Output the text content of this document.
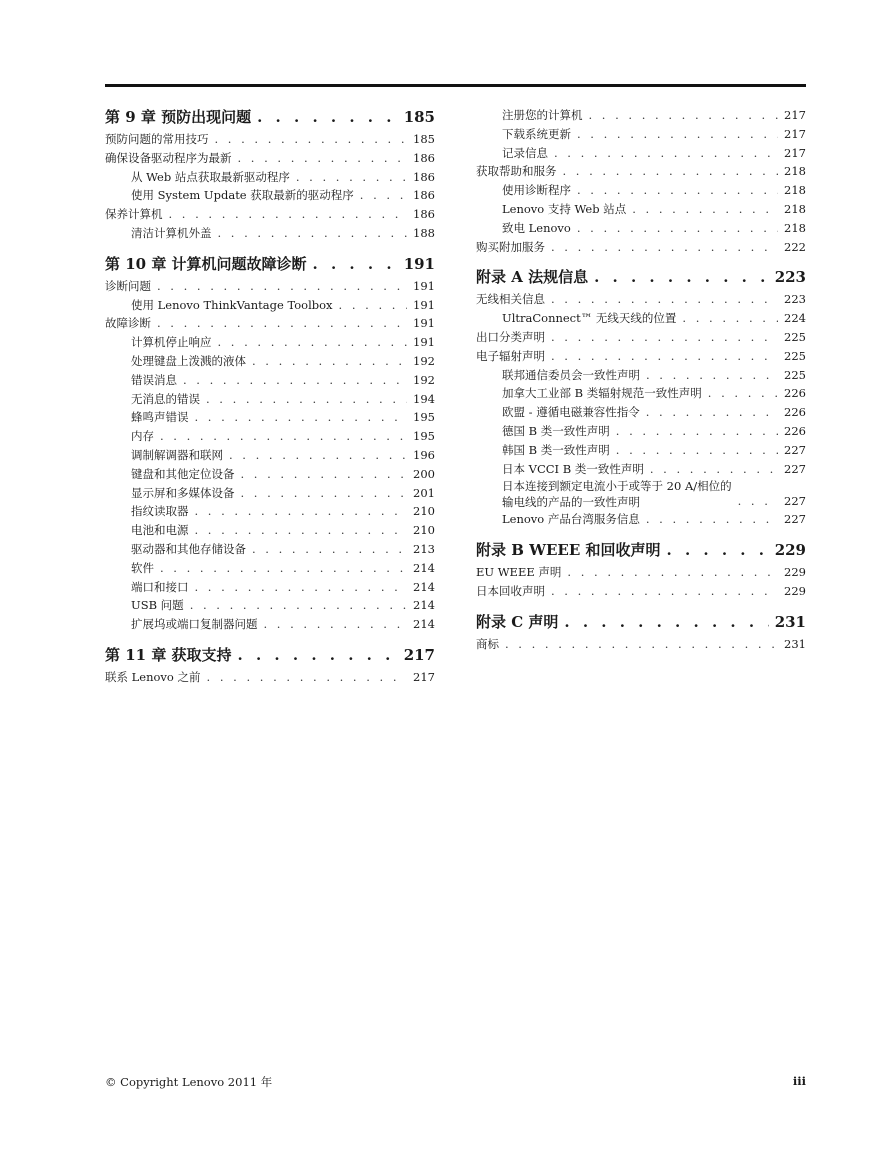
第 9 章 预防出现问题 . . .	185
预防问题的常用技巧 . . .	185
确保设备驱动程序为最新 . . .	186
从 Web 站点获取最新驱动程序 . . .	186
使用 System Update 获取最新的驱动程序 . . .	186
保养计算机 . . .	186
清洁计算机外盖 . . .	188
第 10 章 计算机问题故障诊断 . . .	191
诊断问题 . . .	191
使用 Lenovo ThinkVantage Toolbox . . .	191
故障诊断 . . .	191
计算机停止响应 . . .	191
处理键盘上泼溅的液体 . . .	192
错误消息 . . .	192
无消息的错误 . . .	194
蜂鸣声错误 . . .	195
内存 . . .	195
调制解调器和联网 . . .	196
键盘和其他定位设备 . . .	200
显示屏和多媒体设备 . . .	201
指纹读取器 . . .	210
电池和电源 . . .	210
驱动器和其他存储设备 . . .	213
软件 . . .	214
端口和接口 . . .	214
USB 问题 . . .	214
扩展坞或端口复制器问题 . . .	214
第 11 章 获取支持 . . .	217
联系 Lenovo 之前 . . .	217
注册您的计算机 . . .	217
下载系统更新 . . .	217
记录信息 . . .	217
获取帮助和服务 . . .	218
使用诊断程序 . . .	218
Lenovo 支持 Web 站点 . . .	218
致电 Lenovo . . .	218
购买附加服务 . . .	222
附录 A 法规信息 . . .	223
无线相关信息 . . .	223
UltraConnect™ 无线天线的位置 . . .	224
出口分类声明 . . .	225
电子辐射声明 . . .	225
联邦通信委员会一致性声明 . . .	225
加拿大工业部 B 类辐射规范一致性声明 . . .	226
欧盟 - 遵循电磁兼容性指令 . . .	226
德国 B 类一致性声明 . . .	226
韩国 B 类一致性声明 . . .	227
日本 VCCI B 类一致性声明 . . .	227
日本连接到额定电流小于或等于 20 A/相位的
输电线的产品的一致性声明 . . .	227
Lenovo 产品台湾服务信息 . . .	227
附录 B WEEE 和回收声明 . . .	229
EU WEEE 声明 . . .	229
日本回收声明 . . .	229
附录 C 声明 . . .	231
商标 . . .	231
© Copyright Lenovo 2011 年	iii
